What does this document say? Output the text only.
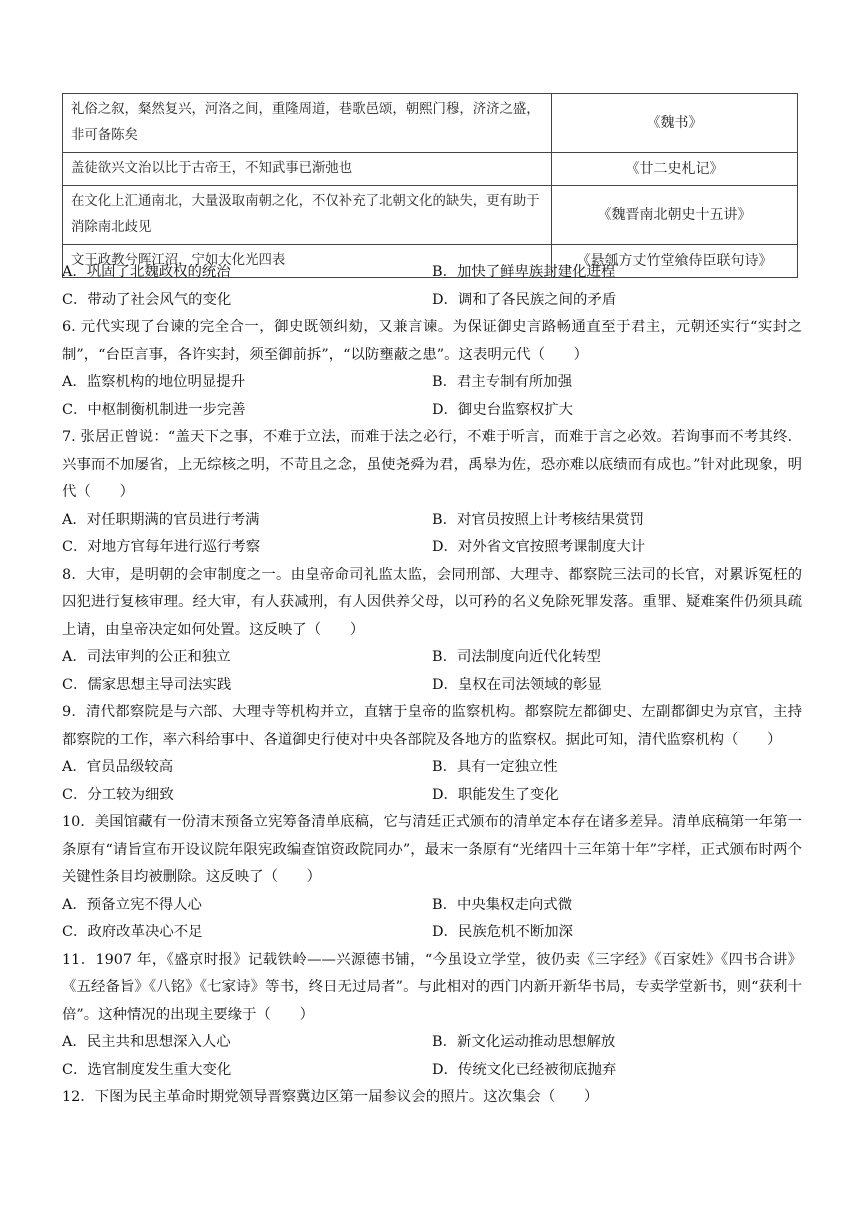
礼俗之叙，粲然复兴，河洛之间，重隆周道，巷歌邑颂，朝熙门穆，济济之盛，非可备陈矣	《魏书》
盖徒欲兴文治以比于古帝王，不知武事已渐弛也	《廿二史札记》
在文化上汇通南北，大量汲取南朝之化，不仅补充了北朝文化的缺失，更有助于消除南北歧见	《魏晋南北朝史十五讲》
文王政教兮晖江沼，宁如大化光四表	《悬瓠方丈竹堂飨侍臣联句诗》
A．巩固了北魏政权的统治	B．加快了鲜卑族封建化进程
C．带动了社会风气的变化	D．调和了各民族之间的矛盾

6. 元代实现了台谏的完全合一，御史既领纠劾，又兼言谏。为保证御史言路畅通直至于君主，元朝还实行“实封之制”，“台臣言事，各许实封，须至御前拆”，“以防壅蔽之患”。这表明元代（　　）

A．监察机构的地位明显提升	B．君主专制有所加强
C．中枢制衡机制进一步完善	D．御史台监察权扩大

7. 张居正曾说：“盖天下之事，不难于立法，而难于法之必行，不难于听言，而难于言之必效。若询事而不考其终．兴事而不加屡省，上无综核之明，不苛且之念，虽使尧舜为君，禹皋为佐，恐亦难以底绩而有成也。”针对此现象，明代（　　）

A．对任职期满的官员进行考满	B．对官员按照上计考核结果赏罚
C．对地方官每年进行巡行考察	D．对外省文官按照考课制度大计

8．大审，是明朝的会审制度之一。由皇帝命司礼监太监，会同刑部、大理寺、都察院三法司的长官，对累诉冤枉的囚犯进行复核审理。经大审，有人获减刑，有人因供养父母，以可矜的名义免除死罪发落。重罪、疑难案件仍须具疏上请，由皇帝决定如何处置。这反映了（　　）

A．司法审判的公正和独立	B．司法制度向近代化转型
C．儒家思想主导司法实践	D．皇权在司法领域的彰显

9．清代都察院是与六部、大理寺等机构并立，直辖于皇帝的监察机构。都察院左都御史、左副都御史为京官，主持都察院的工作，率六科给事中、各道御史行使对中央各部院及各地方的监察权。据此可知，清代监察机构（　　）

A．官员品级较高	B．具有一定独立性
C．分工较为细致	D．职能发生了变化

10．美国馆藏有一份清末预备立宪筹备清单底稿，它与清廷正式颁布的清单定本存在诸多差异。清单底稿第一年第一条原有“请旨宣布开设议院年限宪政编查馆资政院同办”，最末一条原有“光绪四十三年第十年”字样，正式颁布时两个关键性条目均被删除。这反映了（　　）

A．预备立宪不得人心	B．中央集权走向式微
C．政府改革决心不足	D．民族危机不断加深

11．1907 年，《盛京时报》记载铁岭——兴源德书铺，“今虽设立学堂，彼仍卖《三字经》《百家姓》《四书合讲》《五经备旨》《八铭》《七家诗》等书，终日无过局者”。与此相对的西门内新开新华书局，专卖学堂新书，则“获利十倍”。这种情况的出现主要缘于（　　）

A．民主共和思想深入人心	B．新文化运动推动思想解放
C．选官制度发生重大变化	D．传统文化已经被彻底抛弃

12．下图为民主革命时期党领导晋察冀边区第一届参议会的照片。这次集会（　　）
